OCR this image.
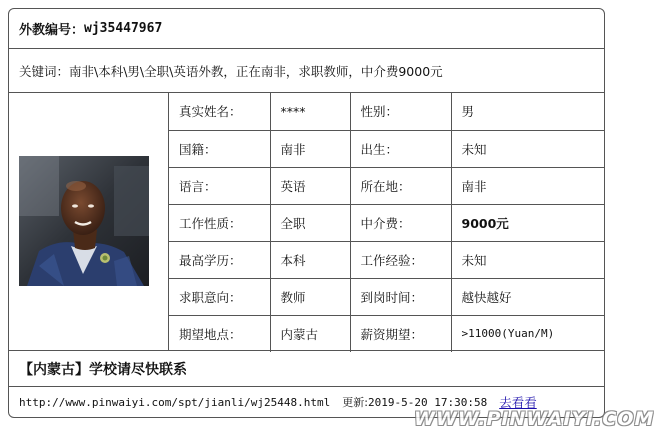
外教编号： wj35447967
关键词：南非\本科\男\全职\英语外教，正在南非，求职教师，中介费9000元
真实姓名：	****	性别：	男
国籍：	南非	出生：	未知
语言：	英语	所在地：	南非
工作性质：	全职	中介费：	9000元
最高学历：	本科	工作经验：	未知
求职意向：	教师	到岗时间：	越快越好
期望地点：	内蒙古	薪资期望：	>11000(Yuan/M)
【内蒙古】学校请尽快联系
http://www.pinwaiyi.com/spt/jianli/wj25448.html 更新:2019-5-20 17:30:58 去看看
WWW.PINWAIYI.COM
